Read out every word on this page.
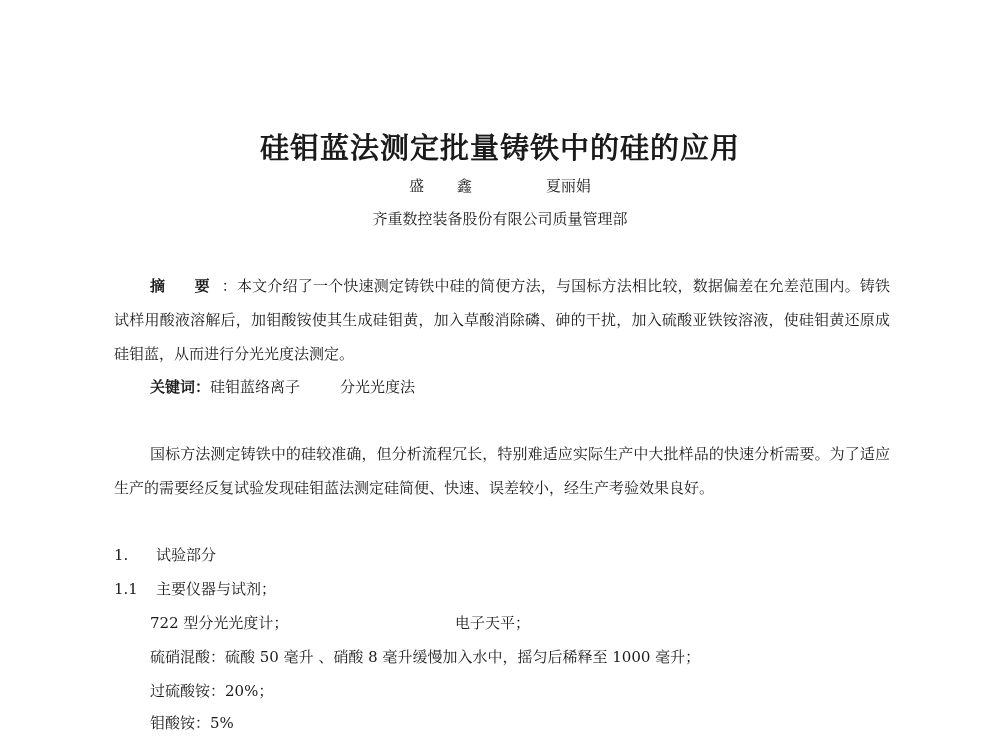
硅钼蓝法测定批量铸铁中的硅的应用
盛 鑫	夏丽娟
齐重数控装备股份有限公司质量管理部
摘 要：本文介绍了一个快速测定铸铁中硅的简便方法，与国标方法相比较，数据偏差在允差范围内。铸铁试样用酸液溶解后，加钼酸铵使其生成硅钼黄，加入草酸消除磷、砷的干扰，加入硫酸亚铁铵溶液，使硅钼黄还原成硅钼蓝，从而进行分光光度法测定。
关键词：硅钼蓝络离子	分光光度法
国标方法测定铸铁中的硅较准确，但分析流程冗长，特别难适应实际生产中大批样品的快速分析需要。为了适应生产的需要经反复试验发现硅钼蓝法测定硅简便、快速、误差较小，经生产考验效果良好。
1. 试验部分
1.1 主要仪器与试剂；
722 型分光光度计；	电子天平；
硫硝混酸：硫酸 50 毫升 、硝酸 8 毫升缓慢加入水中，摇匀后稀释至 1000 毫升；
过硫酸铵：20%；
钼酸铵：5%
